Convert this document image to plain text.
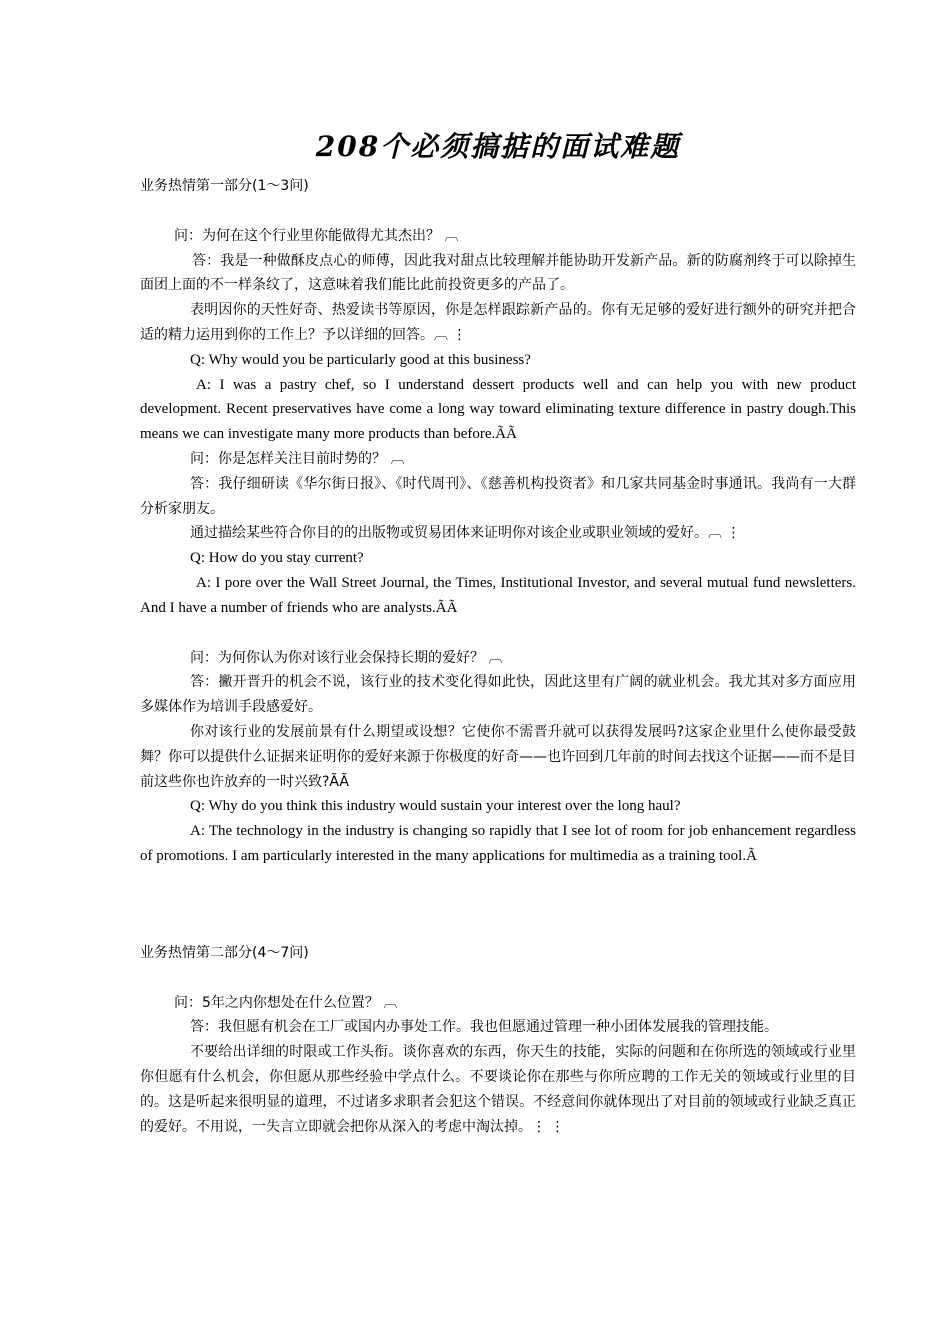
208个必须搞掂的面试难题

业务热情第一部分(1～3问)

问：为何在这个行业里你能做得尤其杰出？ ︹

答：我是一种做酥皮点心的师傅，因此我对甜点比较理解并能协助开发新产品。新的防腐剂终于可以除掉生面团上面的不一样条纹了，这意味着我们能比此前投资更多的产品了。

表明因你的天性好奇、热爱读书等原因，你是怎样跟踪新产品的。你有无足够的爱好进行额外的研究并把合适的精力运用到你的工作上？予以详细的回答。︹ ⋮

Q: Why would you be particularly good at this business?

A: I was a pastry chef, so I understand dessert products well and can help you with new product development. Recent preservatives have come a long way toward eliminating texture difference in pastry dough.This means we can investigate many more products than before.ÃÃ

问：你是怎样关注目前时势的？ ︹

答：我仔细研读《华尔街日报》、《时代周刊》、《慈善机构投资者》和几家共同基金时事通讯。我尚有一大群分析家朋友。

通过描绘某些符合你目的的出版物或贸易团体来证明你对该企业或职业领域的爱好。︹ ⋮

Q: How do you stay current?

A: I pore over the Wall Street Journal, the Times, Institutional Investor, and several mutual fund newsletters. And I have a number of friends who are analysts.ÃÃ

问：为何你认为你对该行业会保持长期的爱好？ ︹

答：撇开晋升的机会不说，该行业的技术变化得如此快，因此这里有广阔的就业机会。我尤其对多方面应用多媒体作为培训手段感爱好。

你对该行业的发展前景有什么期望或设想？它使你不需晋升就可以获得发展吗?这家企业里什么使你最受鼓舞？你可以提供什么证据来证明你的爱好来源于你极度的好奇——也许回到几年前的时间去找这个证据——而不是目前这些你也许放弃的一时兴致?ÃÃ

Q: Why do you think this industry would sustain your interest over the long haul?

A: The technology in the industry is changing so rapidly that I see lot of room for job enhancement regardless of promotions. I am particularly interested in the many applications for multimedia as a training tool.Ã

业务热情第二部分(4～7问)

问：5年之内你想处在什么位置？ ︹

答：我但愿有机会在工厂或国内办事处工作。我也但愿通过管理一种小团体发展我的管理技能。

不要给出详细的时限或工作头衔。谈你喜欢的东西，你天生的技能，实际的问题和在你所选的领域或行业里你但愿有什么机会，你但愿从那些经验中学点什么。不要谈论你在那些与你所应聘的工作无关的领域或行业里的目的。这是听起来很明显的道理，不过诸多求职者会犯这个错误。不经意间你就体现出了对目前的领域或行业缺乏真正的爱好。不用说，一失言立即就会把你从深入的考虑中淘汰掉。⋮ ⋮
